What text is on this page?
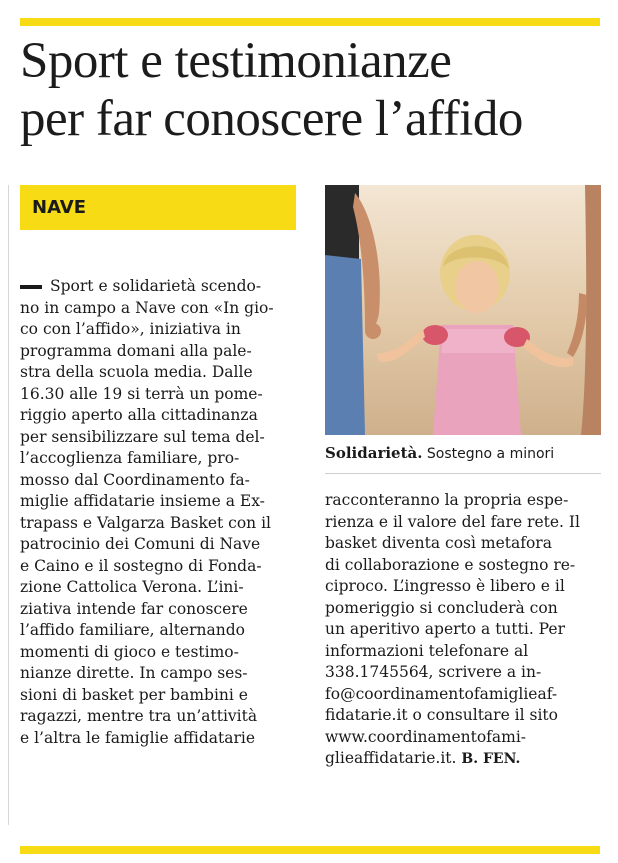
Sport e testimonianze
per far conoscere l’affido
NAVE
Sport e solidarietà scendo-
no in campo a Nave con «In gio-
co con l’affido», iniziativa in
programma domani alla pale-
stra della scuola media. Dalle
16.30 alle 19 si terrà un pome-
riggio aperto alla cittadinanza
per sensibilizzare sul tema del-
l’accoglienza familiare, pro-
mosso dal Coordinamento fa-
miglie affidatarie insieme a Ex-
trapass e Valgarza Basket con il
patrocinio dei Comuni di Nave
e Caino e il sostegno di Fonda-
zione Cattolica Verona. L’ini-
ziativa intende far conoscere
l’affido familiare, alternando
momenti di gioco e testimo-
nianze dirette. In campo ses-
sioni di basket per bambini e
ragazzi, mentre tra un’attività
e l’altra le famiglie affidatarie
Solidarietà. Sostegno a minori
racconteranno la propria espe-
rienza e il valore del fare rete. Il
basket diventa così metafora
di collaborazione e sostegno re-
ciproco. L’ingresso è libero e il
pomeriggio si concluderà con
un aperitivo aperto a tutti. Per
informazioni telefonare al
338.1745564, scrivere a in-
fo@coordinamentofamiglieaf-
fidatarie.it o consultare il sito
www.coordinamentofami-
glieaffidatarie.it. B. FEN.
